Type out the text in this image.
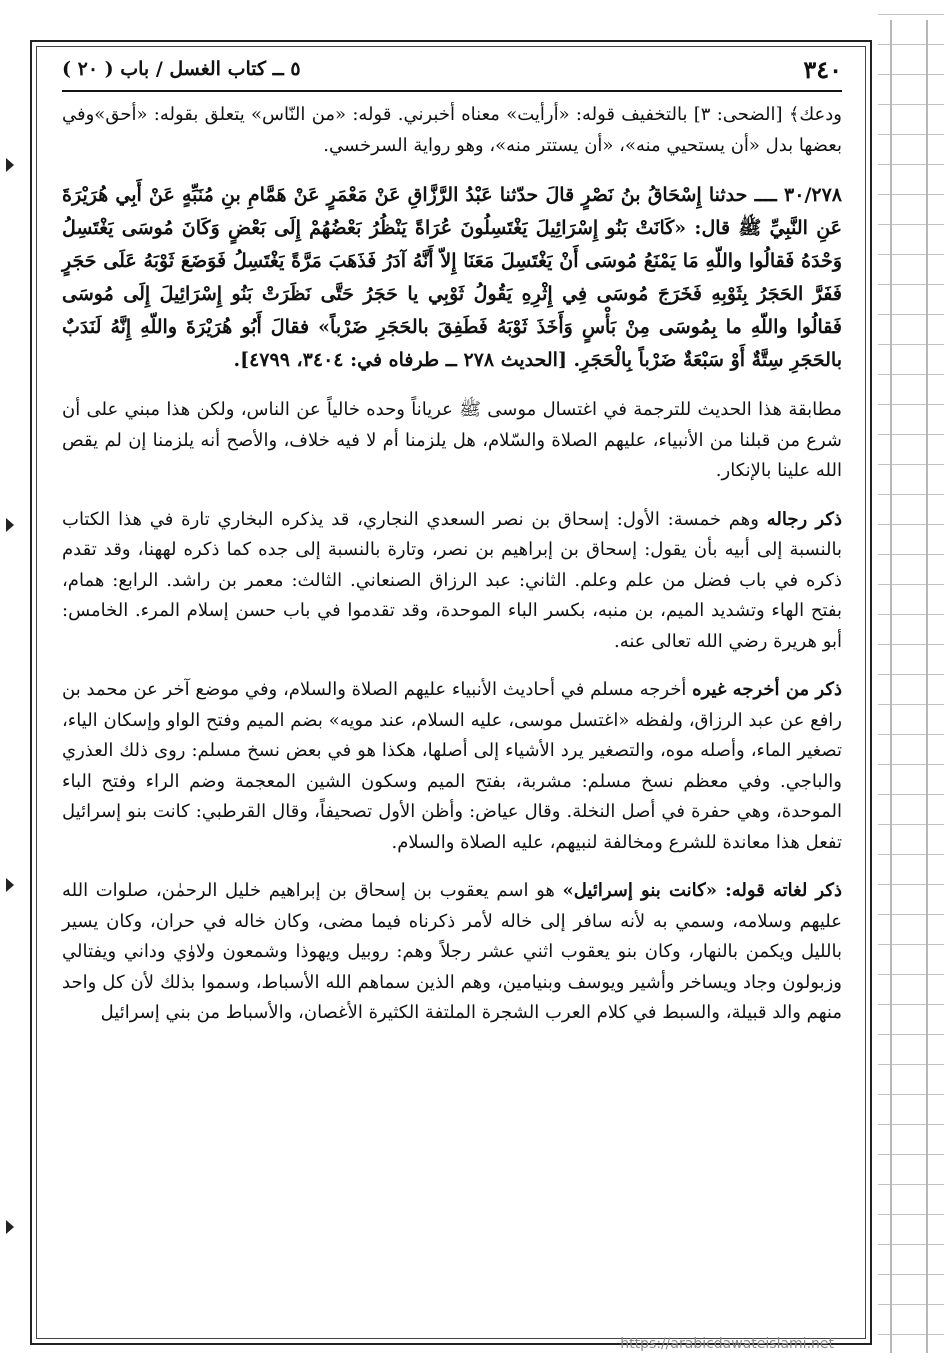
٣٤٠
٥ ــ كتاب الغسل / باب ( ٢٠ )

ودعك﴾ [الضحى: ٣] بالتخفيف قوله: «أرأيت» معناه أخبرني. قوله: «من النّاس» يتعلق بقوله: «أحق»وفي بعضها بدل «أن يستحيي منه»، «أن يستتر منه»، وهو رواية السرخسي.

٣٠/٢٧٨ ــــ حدثنا إِسْحَاقُ بنُ نَصْرٍ قالَ حدّثنا عَبْدُ الرَّزَّاقِ عَنْ مَعْمَرٍ عَنْ هَمَّامِ بنِ مُنَبِّهٍ عَنْ أَبِي هُرَيْرَةَ عَنِ النَّبِيِّ ﷺ قال: «كَانَتْ بَنُو إِسْرَائِيلَ يَغْتَسِلُونَ عُرَاةً يَنْظُرُ بَعْضُهُمْ إِلَى بَعْضٍ وَكَانَ مُوسَى يَغْتَسِلُ وَحْدَهُ فَقالُوا واللّهِ مَا يَمْنَعُ مُوسَى أَنْ يَغْتَسِلَ مَعَنَا إِلاّ أَنَّهُ آدَرُ فَذَهَبَ مَرَّةً يَغْتَسِلُ فَوَضَعَ ثَوْبَهُ عَلَى حَجَرٍ فَفَرَّ الحَجَرُ بِثَوْبِهِ فَخَرَجَ مُوسَى فِي إِثْرِهِ يَقُولُ ثَوْبِي يا حَجَرُ حَتَّى نَظَرَتْ بَنُو إِسْرَائِيلَ إِلَى مُوسَى فَقالُوا واللّهِ ما بِمُوسَى مِنْ بَأْسٍ وَأَخَذَ ثَوْبَهُ فَطَفِقَ بالحَجَرِ ضَرْباً» فقالَ أَبُو هُرَيْرَةَ واللّهِ إِنَّهُ لَنَدَبٌ بالحَجَرِ سِتَّةٌ أَوْ سَبْعَةٌ ضَرْباً بِالْحَجَرِ. [الحديث ٢٧٨ ــ طرفاه في: ٣٤٠٤، ٤٧٩٩].

مطابقة هذا الحديث للترجمة في اغتسال موسى ﷺ عرياناً وحده خالياً عن الناس، ولكن هذا مبني على أن شرع من قبلنا من الأنبياء، عليهم الصلاة والسّلام، هل يلزمنا أم لا فيه خلاف، والأصح أنه يلزمنا إن لم يقص الله علينا بالإنكار.

ذكر رجاله وهم خمسة: الأول: إسحاق بن نصر السعدي النجاري، قد يذكره البخاري تارة في هذا الكتاب بالنسبة إلى أبيه بأن يقول: إسحاق بن إبراهيم بن نصر، وتارة بالنسبة إلى جده كما ذكره لههنا، وقد تقدم ذكره في باب فضل من علم وعلم. الثاني: عبد الرزاق الصنعاني. الثالث: معمر بن راشد. الرابع: همام، بفتح الهاء وتشديد الميم، بن منبه، بكسر الباء الموحدة، وقد تقدموا في باب حسن إسلام المرء. الخامس: أبو هريرة رضي الله تعالى عنه.

ذكر من أخرجه غيره أخرجه مسلم في أحاديث الأنبياء عليهم الصلاة والسلام، وفي موضع آخر عن محمد بن رافع عن عبد الرزاق، ولفظه «اغتسل موسى، عليه السلام، عند مويه» بضم الميم وفتح الواو وإسكان الياء، تصغير الماء، وأصله موه، والتصغير يرد الأشياء إلى أصلها، هكذا هو في بعض نسخ مسلم: روى ذلك العذري والباجي. وفي معظم نسخ مسلم: مشربة، بفتح الميم وسكون الشين المعجمة وضم الراء وفتح الباء الموحدة، وهي حفرة في أصل النخلة. وقال عياض: وأظن الأول تصحيفاً، وقال القرطبي: كانت بنو إسرائيل تفعل هذا معاندة للشرع ومخالفة لنبيهم، عليه الصلاة والسلام.

ذكر لغاته قوله: «كانت بنو إسرائيل» هو اسم يعقوب بن إسحاق بن إبراهيم خليل الرحمٰن، صلوات الله عليهم وسلامه، وسمي به لأنه سافر إلى خاله لأمر ذكرناه فيما مضى، وكان خاله في حران، وكان يسير بالليل ويكمن بالنهار، وكان بنو يعقوب اثني عشر رجلاً وهم: روبيل ويهوذا وشمعون ولاوٰي وداني ويفتالي وزبولون وجاد ويساخر وأشير ويوسف وبنيامين، وهم الذين سماهم الله الأسباط، وسموا بذلك لأن كل واحد منهم والد قبيلة، والسبط في كلام العرب الشجرة الملتفة الكثيرة الأغصان، والأسباط من بني إسرائيل

https://arabicdawateislami.net
